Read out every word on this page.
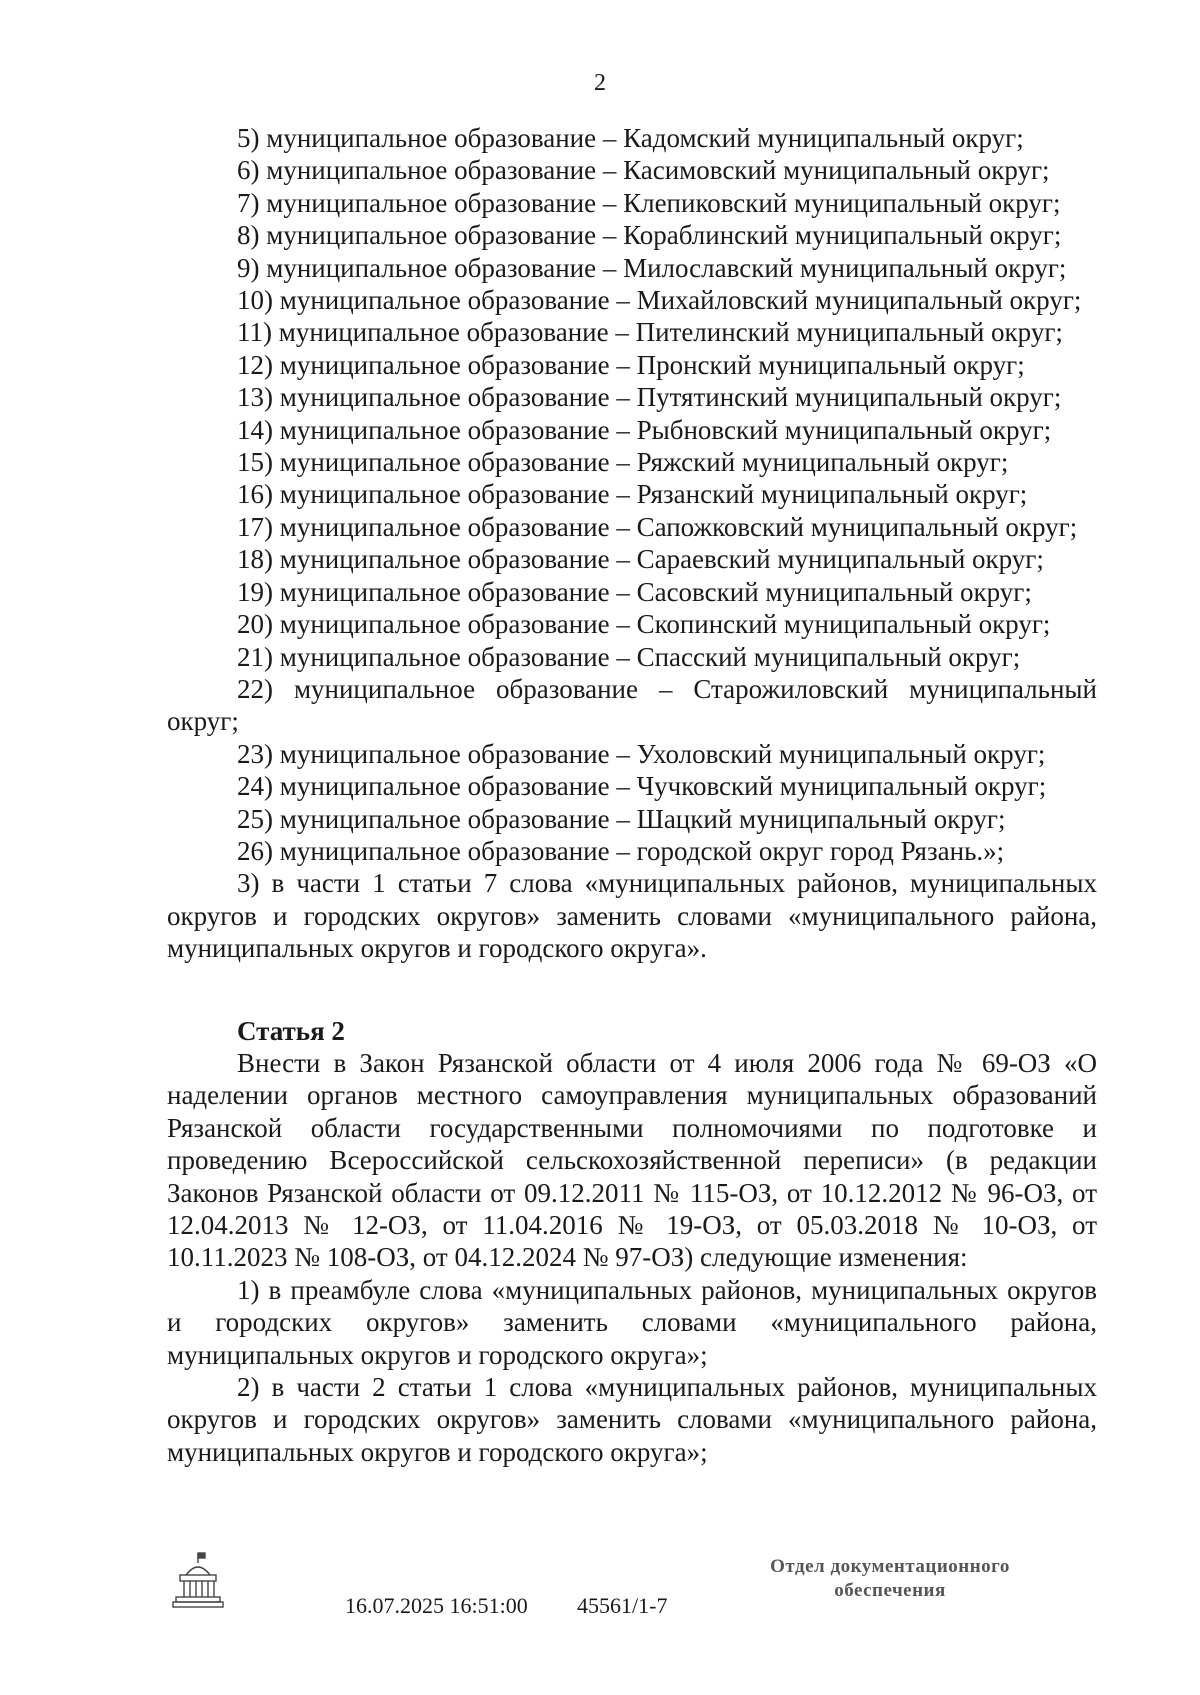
2

5) муниципальное образование – Кадомский муниципальный округ;

6) муниципальное образование – Касимовский муниципальный округ;

7) муниципальное образование – Клепиковский муниципальный округ;

8) муниципальное образование – Кораблинский муниципальный округ;

9) муниципальное образование – Милославский муниципальный округ;

10) муниципальное образование – Михайловский муниципальный округ;

11) муниципальное образование – Пителинский муниципальный округ;

12) муниципальное образование – Пронский муниципальный округ;

13) муниципальное образование – Путятинский муниципальный округ;

14) муниципальное образование – Рыбновский муниципальный округ;

15) муниципальное образование – Ряжский муниципальный округ;

16) муниципальное образование – Рязанский муниципальный округ;

17) муниципальное образование – Сапожковский муниципальный округ;

18) муниципальное образование – Сараевский муниципальный округ;

19) муниципальное образование – Сасовский муниципальный округ;

20) муниципальное образование – Скопинский муниципальный округ;

21) муниципальное образование – Спасский муниципальный округ;

22) муниципальное образование – Старожиловский муниципальный округ;

23) муниципальное образование – Ухоловский муниципальный округ;

24) муниципальное образование – Чучковский муниципальный округ;

25) муниципальное образование – Шацкий муниципальный округ;

26) муниципальное образование – городской округ город Рязань.»;

3) в части 1 статьи 7 слова «муниципальных районов, муниципальных округов и городских округов» заменить словами «муниципального района, муниципальных округов и городского округа».

Статья 2

Внести в Закон Рязанской области от 4 июля 2006 года № 69-ОЗ «О наделении органов местного самоуправления муниципальных образований Рязанской области государственными полномочиями по подготовке и проведению Всероссийской сельскохозяйственной переписи» (в редакции Законов Рязанской области от 09.12.2011 № 115-ОЗ, от 10.12.2012 № 96-ОЗ, от 12.04.2013 № 12-ОЗ, от 11.04.2016 № 19-ОЗ, от 05.03.2018 № 10-ОЗ, от 10.11.2023 № 108-ОЗ, от 04.12.2024 № 97-ОЗ) следующие изменения:

1) в преамбуле слова «муниципальных районов, муниципальных округов и городских округов» заменить словами «муниципального района, муниципальных округов и городского округа»;

2) в части 2 статьи 1 слова «муниципальных районов, муниципальных округов и городских округов» заменить словами «муниципального района, муниципальных округов и городского округа»;

16.07.2025 16:51:00 45561/1-7
Отдел документационного
обеспечения
